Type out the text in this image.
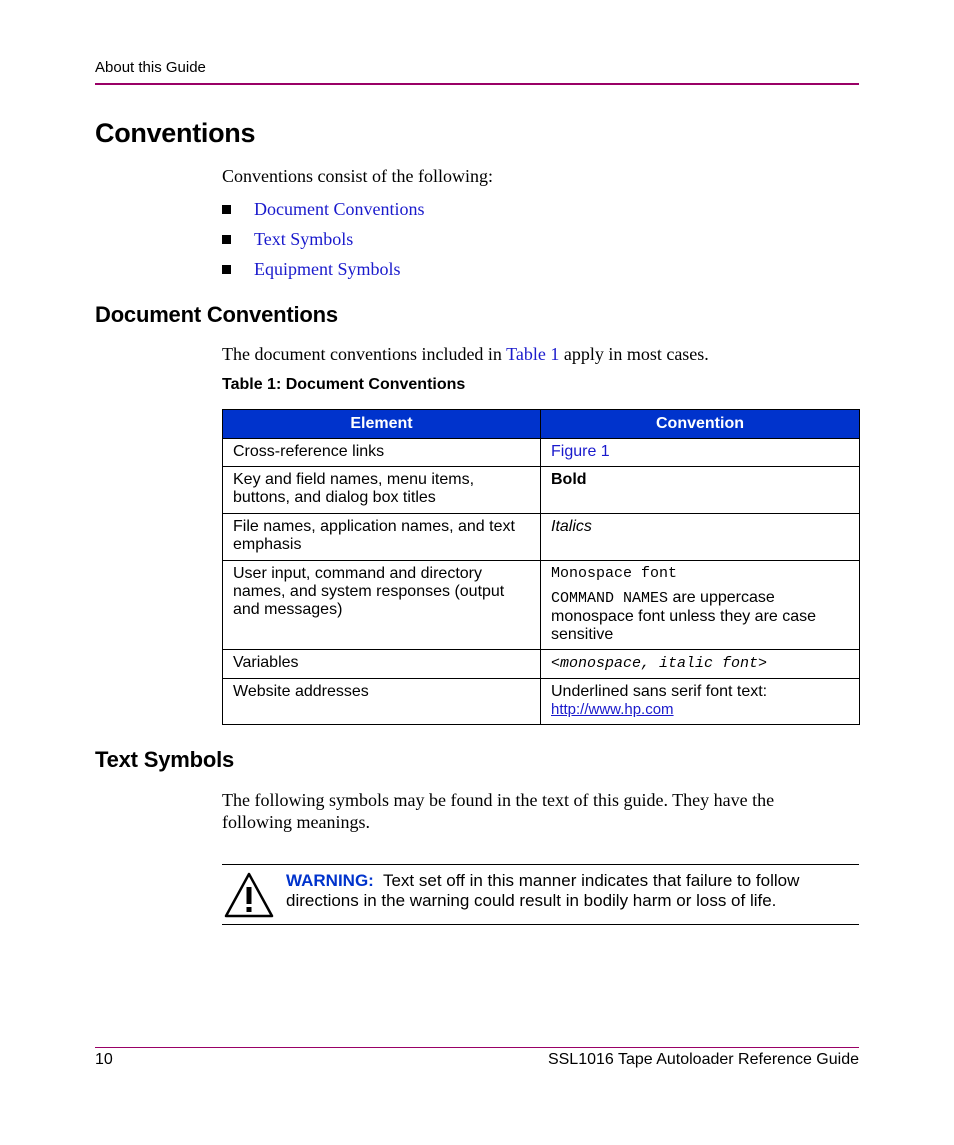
About this Guide
Conventions
Conventions consist of the following:
Document Conventions
Text Symbols
Equipment Symbols
Document Conventions
The document conventions included in Table 1 apply in most cases.
Table 1: Document Conventions
Element	Convention
Cross-reference links	Figure 1
Key and field names, menu items, buttons, and dialog box titles	Bold
File names, application names, and text emphasis	Italics
User input, command and directory names, and system responses (output and messages)	Monospace font
COMMAND NAMES are uppercase monospace font unless they are case sensitive

Variables	<monospace, italic font>
Website addresses	Underlined sans serif font text:
http://www.hp.com
Text Symbols
The following symbols may be found in the text of this guide. They have the following meanings.
WARNING: Text set off in this manner indicates that failure to follow directions in the warning could result in bodily harm or loss of life.
10	SSL1016 Tape Autoloader Reference Guide
